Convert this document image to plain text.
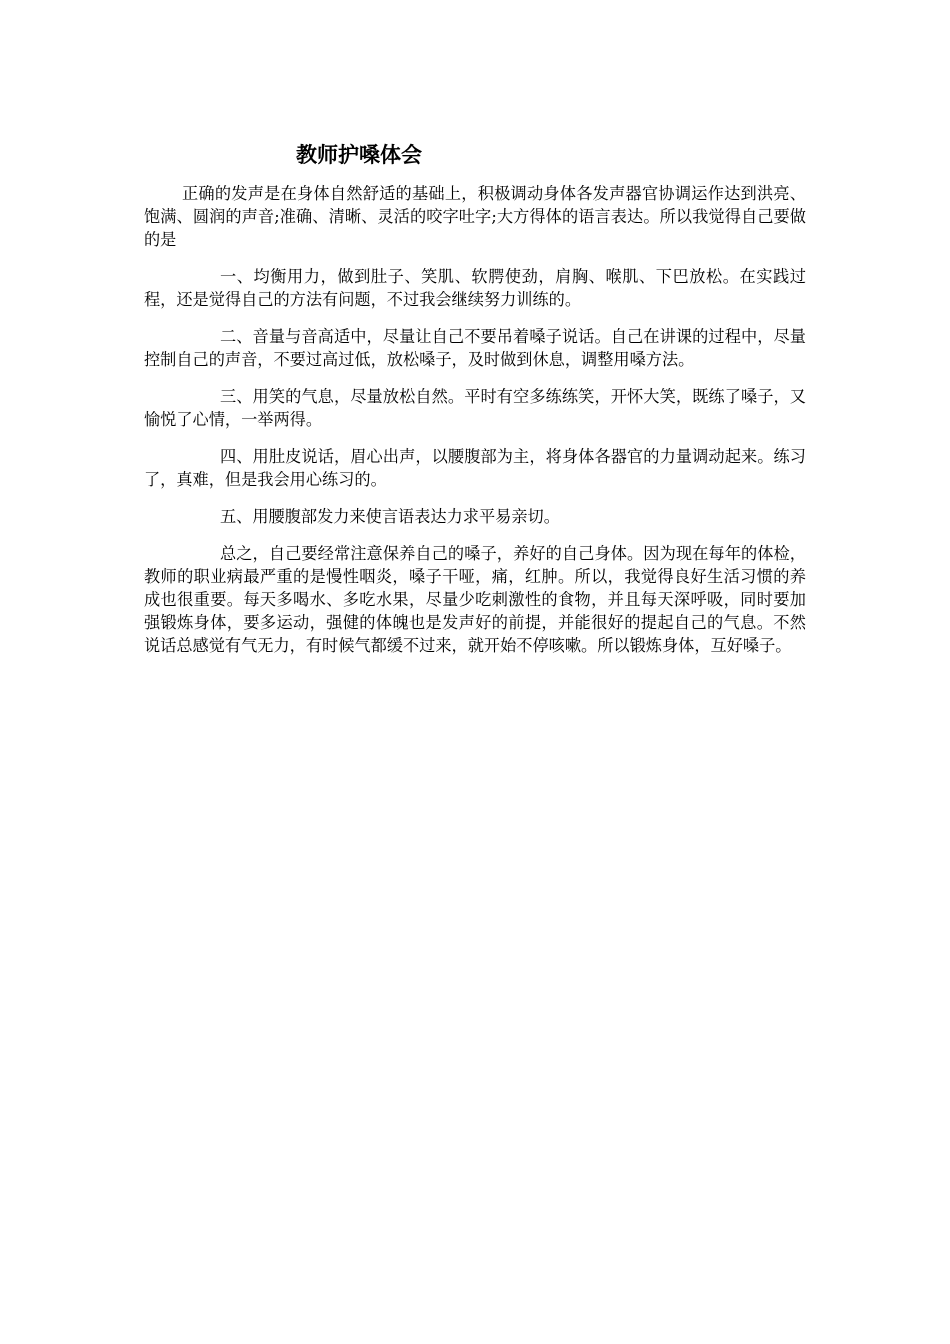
教师护嗓体会

正确的发声是在身体自然舒适的基础上，积极调动身体各发声器官协调运作达到洪亮、饱满、圆润的声音;准确、清晰、灵活的咬字吐字;大方得体的语言表达。所以我觉得自己要做的是

一、均衡用力，做到肚子、笑肌、软腭使劲，肩胸、喉肌、下巴放松。在实践过程，还是觉得自己的方法有问题，不过我会继续努力训练的。

二、音量与音高适中，尽量让自己不要吊着嗓子说话。自己在讲课的过程中，尽量控制自己的声音，不要过高过低，放松嗓子，及时做到休息，调整用嗓方法。

三、用笑的气息，尽量放松自然。平时有空多练练笑，开怀大笑，既练了嗓子，又愉悦了心情，一举两得。

四、用肚皮说话，眉心出声，以腰腹部为主，将身体各器官的力量调动起来。练习了，真难，但是我会用心练习的。

五、用腰腹部发力来使言语表达力求平易亲切。

总之，自己要经常注意保养自己的嗓子，养好的自己身体。因为现在每年的体检，教师的职业病最严重的是慢性咽炎，嗓子干哑，痛，红肿。所以，我觉得良好生活习惯的养成也很重要。每天多喝水、多吃水果，尽量少吃刺激性的食物，并且每天深呼吸，同时要加强锻炼身体，要多运动，强健的体魄也是发声好的前提，并能很好的提起自己的气息。不然说话总感觉有气无力，有时候气都缓不过来，就开始不停咳嗽。所以锻炼身体，互好嗓子。
